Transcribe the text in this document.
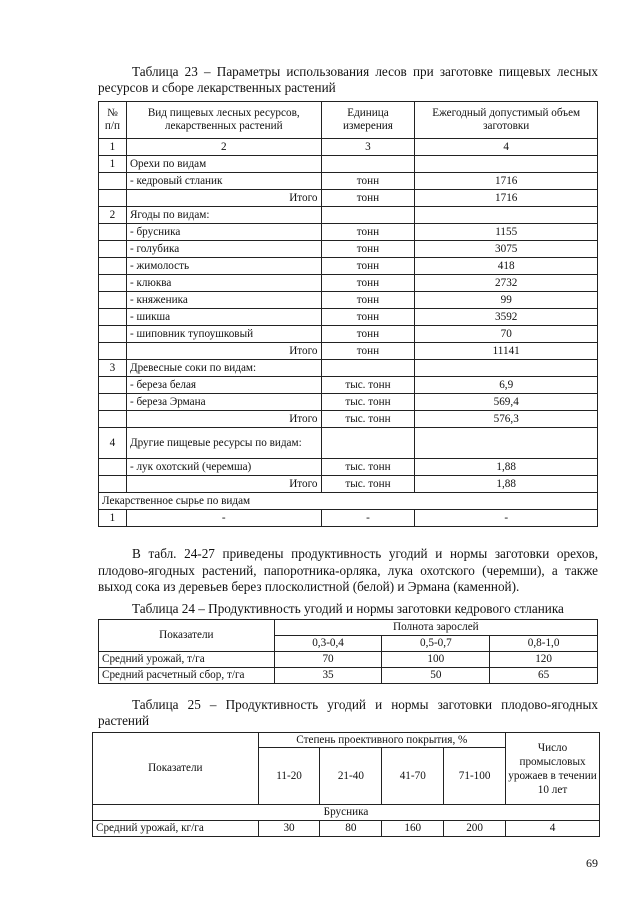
Таблица 23 – Параметры использования лесов при заготовке пищевых лесных ресурсов и сборе лекарственных растений
№ п/п	Вид пищевых лесных ресурсов, лекарственных растений	Единица измерения	Ежегодный допустимый объем заготовки
1	2	3	4
1	Орехи по видам		
	- кедровый стланик	тонн	1716
	Итого	тонн	1716
2	Ягоды по видам:		
	- брусника	тонн	1155
	- голубика	тонн	3075
	- жимолость	тонн	418
	- клюква	тонн	2732
	- княженика	тонн	99
	- шикша	тонн	3592
	- шиповник тупоушковый	тонн	70
	Итого	тонн	11141
3	Древесные соки по видам:		
	- береза белая	тыс. тонн	6,9
	- береза Эрмана	тыс. тонн	569,4
	Итого	тыс. тонн	576,3
4	Другие пищевые ресурсы по видам:		
	- лук охотский (черемша)	тыс. тонн	1,88
	Итого	тыс. тонн	1,88
Лекарственное сырье по видам			
1	-	-	-
В табл. 24-27 приведены продуктивность угодий и нормы заготовки орехов, плодово-ягодных растений, папоротника-орляка, лука охотского (черемши), а также выход сока из деревьев берез плосколистной (белой) и Эрмана (каменной).
Таблица 24 – Продуктивность угодий и нормы заготовки кедрового стланика
Показатели	Полнота зарослей		
	0,3-0,4	0,5-0,7	0,8-1,0
Средний урожай, т/га	70	100	120
Средний расчетный сбор, т/га	35	50	65
Таблица 25 – Продуктивность угодий и нормы заготовки плодово-ягодных растений
Показатели	Степень проективного покрытия, %				Число промысловых урожаев в течении 10 лет
	11-20	21-40	41-70	71-100	
Брусника					
Средний урожай, кг/га	30	80	160	200	4
69
